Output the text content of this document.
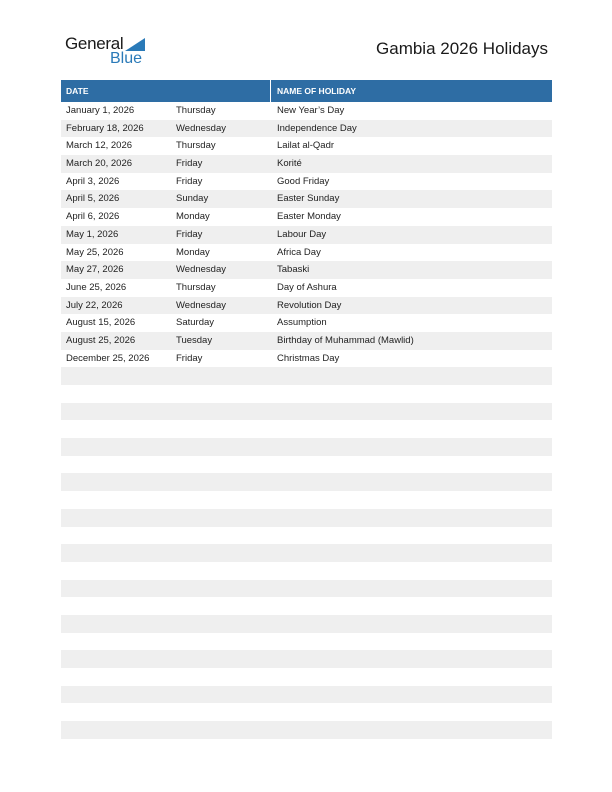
General
Blue
Gambia 2026 Holidays
DATE	NAME OF HOLIDAY
January 1, 2026	Thursday	New Year’s Day
February 18, 2026	Wednesday	Independence Day
March 12, 2026	Thursday	Lailat al-Qadr
March 20, 2026	Friday	Korité
April 3, 2026	Friday	Good Friday
April 5, 2026	Sunday	Easter Sunday
April 6, 2026	Monday	Easter Monday
May 1, 2026	Friday	Labour Day
May 25, 2026	Monday	Africa Day
May 27, 2026	Wednesday	Tabaski
June 25, 2026	Thursday	Day of Ashura
July 22, 2026	Wednesday	Revolution Day
August 15, 2026	Saturday	Assumption
August 25, 2026	Tuesday	Birthday of Muhammad (Mawlid)
December 25, 2026	Friday	Christmas Day
